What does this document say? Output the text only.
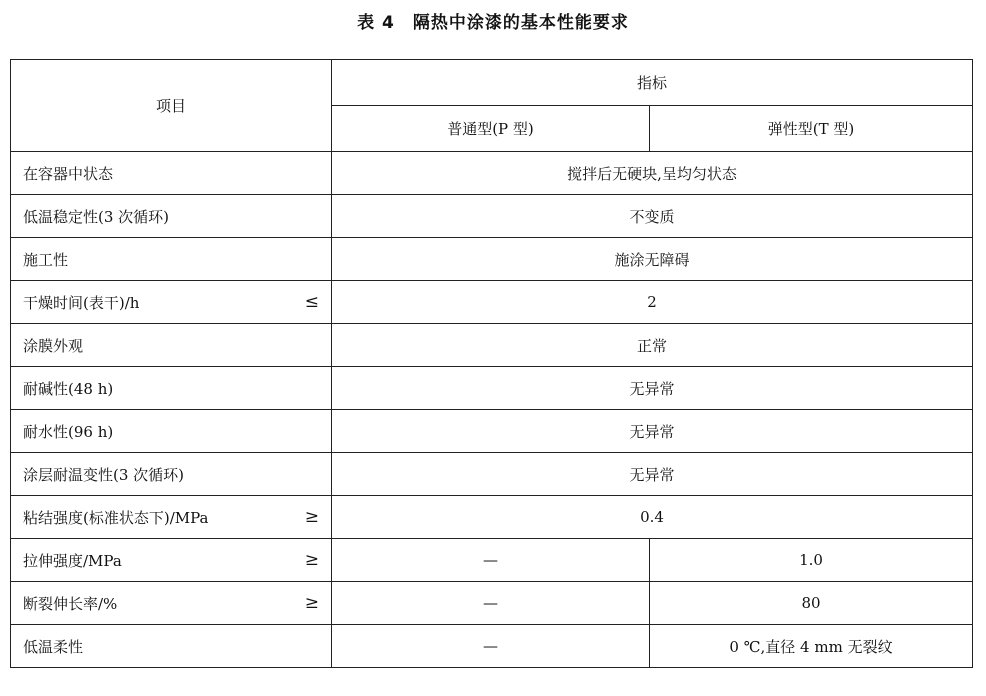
表 4　隔热中涂漆的基本性能要求
项目	指标	
	普通型(P 型)	弹性型(T 型)
在容器中状态	搅拌后无硬块,呈均匀状态	
低温稳定性(3 次循环)	不变质	
施工性	施涂无障碍	
干燥时间(表干)/h ≤	2	
涂膜外观	正常	
耐碱性(48 h)	无异常	
耐水性(96 h)	无异常	
涂层耐温变性(3 次循环)	无异常	
粘结强度(标准状态下)/MPa ≥	0.4	
拉伸强度/MPa ≥	—	1.0
断裂伸长率/% ≥	—	80
低温柔性	—	0 ℃,直径 4 mm 无裂纹
